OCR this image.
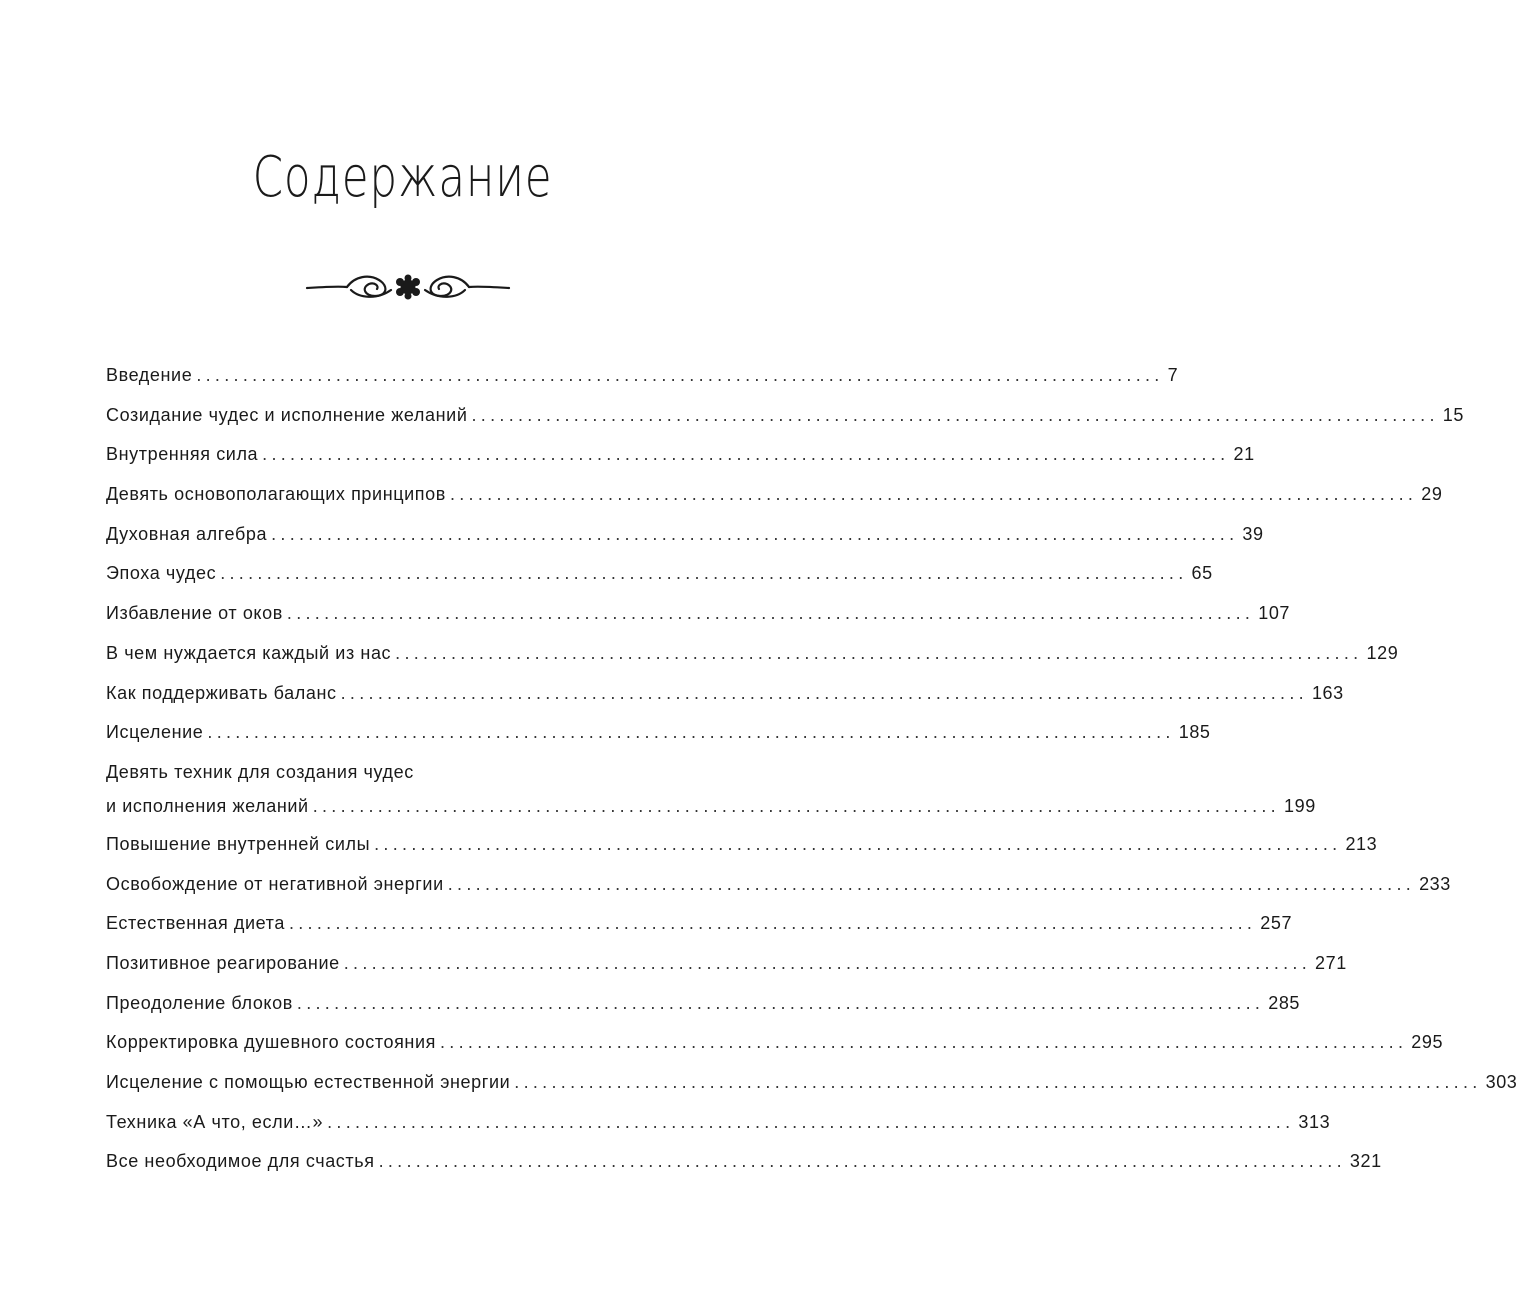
Содержание
Введение ........................................................................................................ 7
Созидание чудес и исполнение желаний ........................................................................................................ 15
Внутренняя сила ........................................................................................................ 21
Девять основополагающих принципов ........................................................................................................ 29
Духовная алгебра ........................................................................................................ 39
Эпоха чудес ........................................................................................................ 65
Избавление от оков ........................................................................................................ 107
В чем нуждается каждый из нас ........................................................................................................ 129
Как поддерживать баланс ........................................................................................................ 163
Исцеление ........................................................................................................ 185
Девять техник для создания чудес
и исполнения желаний ........................................................................................................ 199
Повышение внутренней силы ........................................................................................................ 213
Освобождение от негативной энергии ........................................................................................................ 233
Естественная диета ........................................................................................................ 257
Позитивное реагирование ........................................................................................................ 271
Преодоление блоков ........................................................................................................ 285
Корректировка душевного состояния ........................................................................................................ 295
Исцеление с помощью естественной энергии ........................................................................................................ 303
Техника «А что, если…» ........................................................................................................ 313
Все необходимое для счастья ........................................................................................................ 321
